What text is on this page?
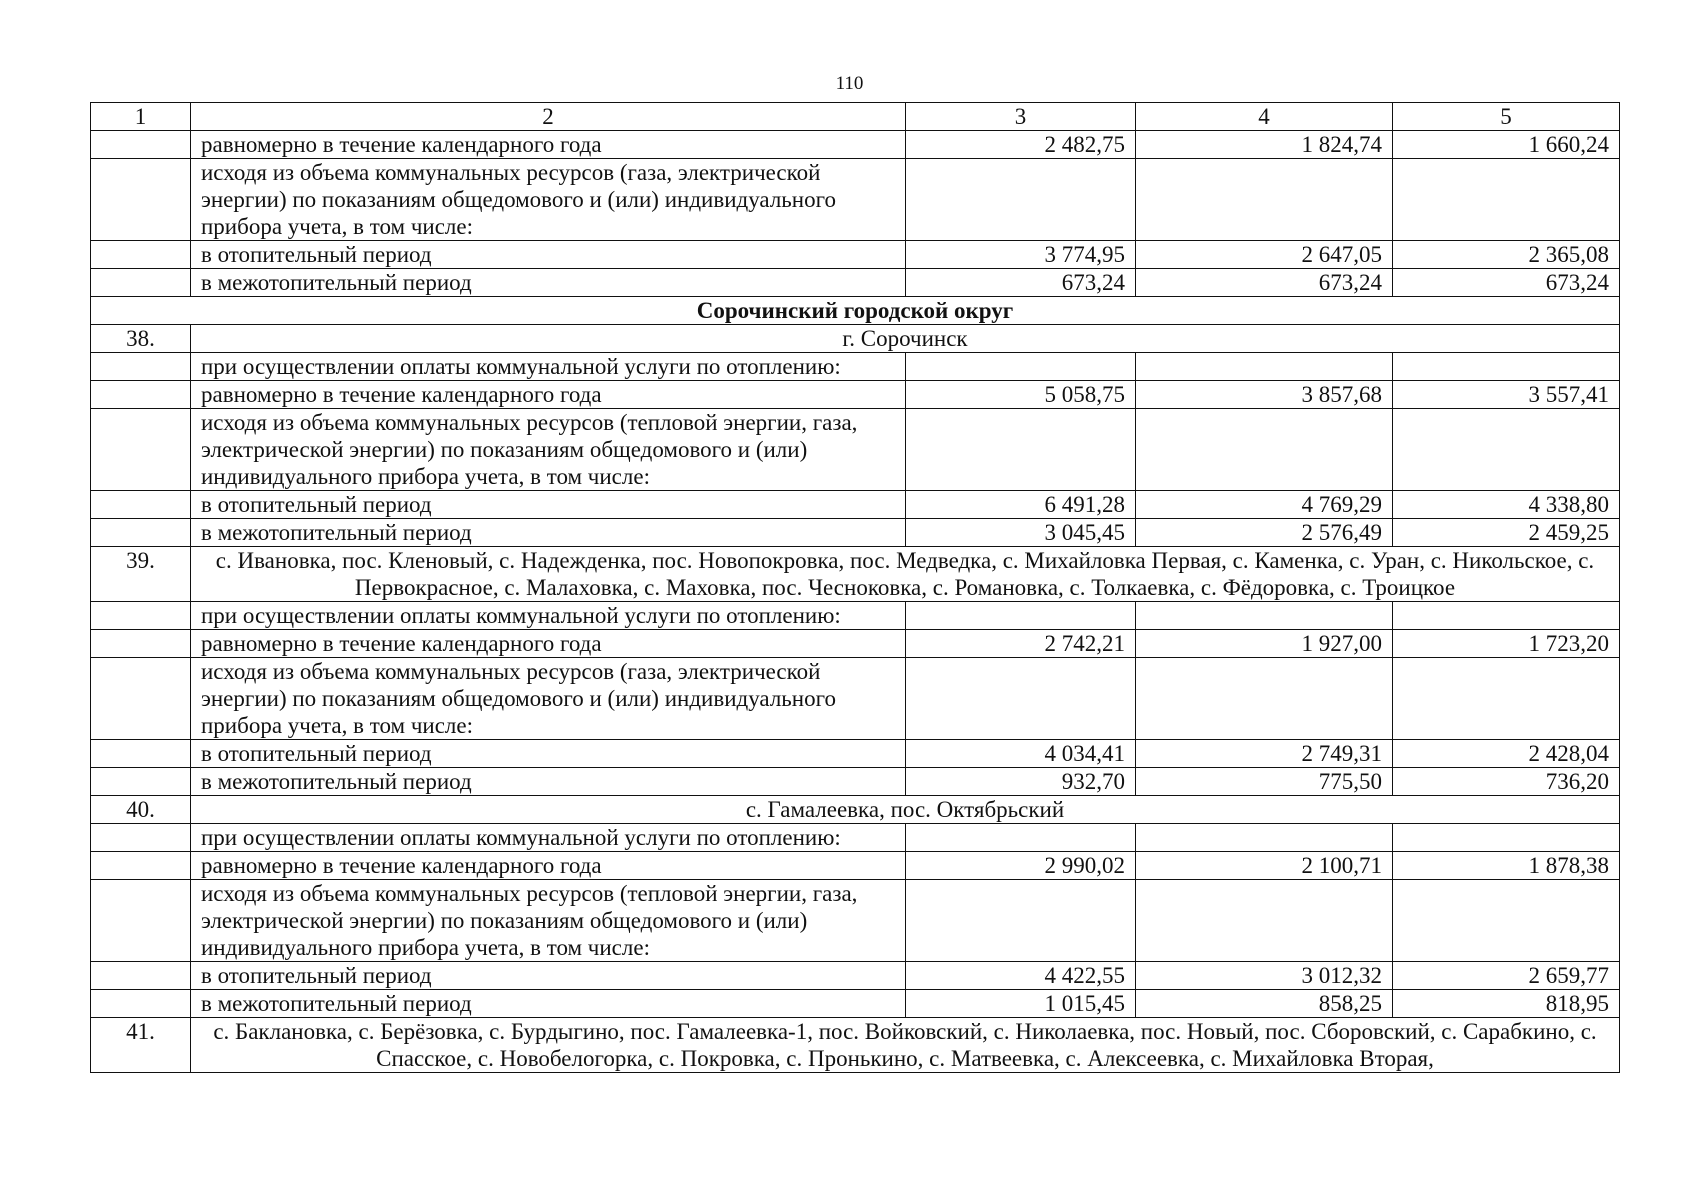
110
1	2	3	4	5
	равномерно в течение календарного года	2 482,75	1 824,74	1 660,24
	исходя из объема коммунальных ресурсов (газа, электрической энергии) по показаниям общедомового и (или) индивидуального прибора учета, в том числе:			
	в отопительный период	3 774,95	2 647,05	2 365,08
	в межотопительный период	673,24	673,24	673,24
Сорочинский городской округ				
38.	г. Сорочинск			
	при осуществлении оплаты коммунальной услуги по отоплению:			
	равномерно в течение календарного года	5 058,75	3 857,68	3 557,41
	исходя из объема коммунальных ресурсов (тепловой энергии, газа, электрической энергии) по показаниям общедомового и (или) индивидуального прибора учета, в том числе:			
	в отопительный период	6 491,28	4 769,29	4 338,80
	в межотопительный период	3 045,45	2 576,49	2 459,25
39.	с. Ивановка, пос. Кленовый, с. Надежденка, пос. Новопокровка, пос. Медведка, с. Михайловка Первая, с. Каменка, с. Уран, с. Никольское, с. Первокрасное, с. Малаховка, с. Маховка, пос. Чесноковка, с. Романовка, с. Толкаевка, с. Фёдоровка, с. Троицкое			
	при осуществлении оплаты коммунальной услуги по отоплению:			
	равномерно в течение календарного года	2 742,21	1 927,00	1 723,20
	исходя из объема коммунальных ресурсов (газа, электрической энергии) по показаниям общедомового и (или) индивидуального прибора учета, в том числе:			
	в отопительный период	4 034,41	2 749,31	2 428,04
	в межотопительный период	932,70	775,50	736,20
40.	с. Гамалеевка, пос. Октябрьский			
	при осуществлении оплаты коммунальной услуги по отоплению:			
	равномерно в течение календарного года	2 990,02	2 100,71	1 878,38
	исходя из объема коммунальных ресурсов (тепловой энергии, газа, электрической энергии) по показаниям общедомового и (или) индивидуального прибора учета, в том числе:			
	в отопительный период	4 422,55	3 012,32	2 659,77
	в межотопительный период	1 015,45	858,25	818,95
41.	с. Баклановка, с. Берёзовка, с. Бурдыгино, пос. Гамалеевка-1, пос. Войковский, с. Николаевка, пос. Новый, пос. Сборовский, с. Сарабкино, с. Спасское, с. Новобелогорка, с. Покровка, с. Пронькино, с. Матвеевка, с. Алексеевка, с. Михайловка Вторая,			
